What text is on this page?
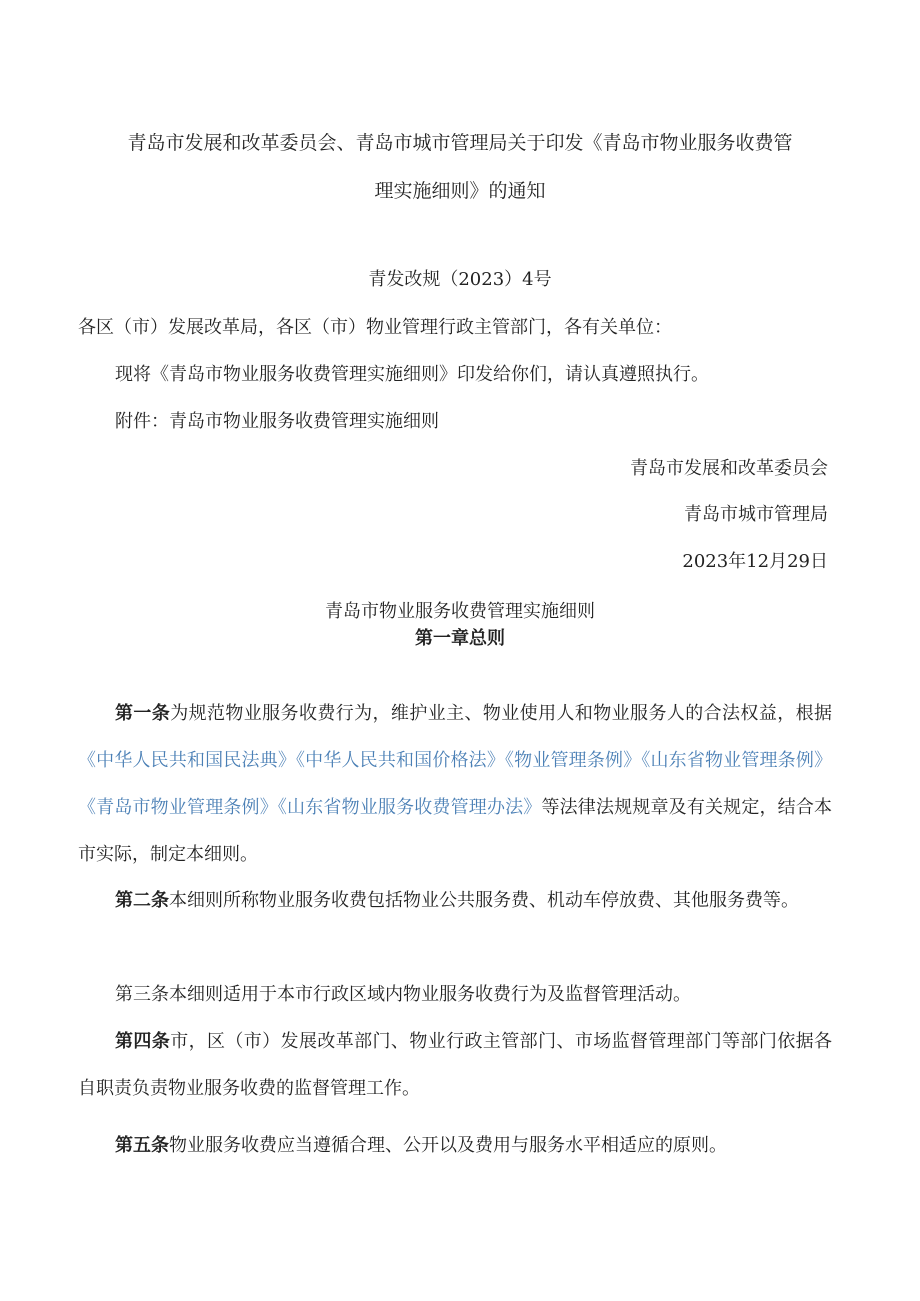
青岛市发展和改革委员会、青岛市城市管理局关于印发《青岛市物业服务收费管
理实施细则》的通知
青发改规（2023）4号
各区（市）发展改革局，各区（市）物业管理行政主管部门，各有关单位：
现将《青岛市物业服务收费管理实施细则》印发给你们，请认真遵照执行。
附件：青岛市物业服务收费管理实施细则
青岛市发展和改革委员会
青岛市城市管理局
2023年12月29日
青岛市物业服务收费管理实施细则
第一章总则
第一条为规范物业服务收费行为，维护业主、物业使用人和物业服务人的合法权益，根据《中华人民共和国民法典》《中华人民共和国价格法》《物业管理条例》《山东省物业管理条例》《青岛市物业管理条例》《山东省物业服务收费管理办法》等法律法规规章及有关规定，结合本市实际，制定本细则。
第二条本细则所称物业服务收费包括物业公共服务费、机动车停放费、其他服务费等。
第三条本细则适用于本市行政区域内物业服务收费行为及监督管理活动。
第四条市，区（市）发展改革部门、物业行政主管部门、市场监督管理部门等部门依据各自职责负责物业服务收费的监督管理工作。
第五条物业服务收费应当遵循合理、公开以及费用与服务水平相适应的原则。
